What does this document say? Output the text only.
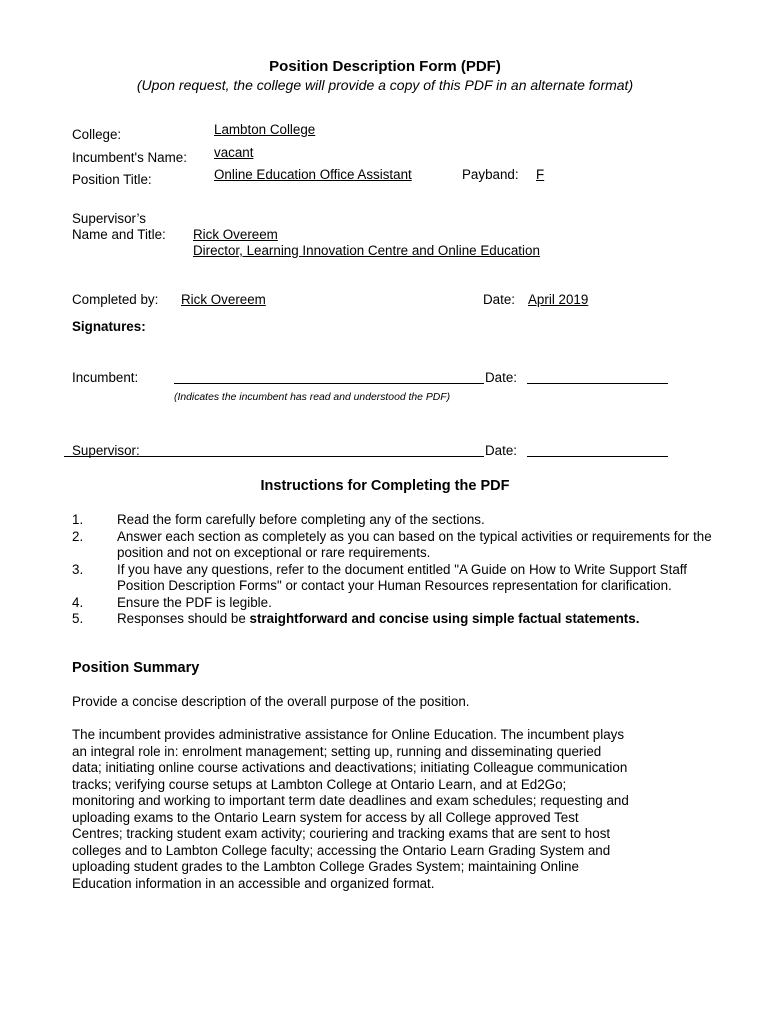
Position Description Form (PDF)
(Upon request, the college will provide a copy of this PDF in an alternate format)
College:	Lambton College
Incumbent's Name: vacant
Position Title:	Online Education Office Assistant	Payband: F
Supervisor’s
Name and Title: Rick Overeem
Director, Learning Innovation Centre and Online Education
Completed by: Rick Overeem	Date: April 2019
Signatures:
Incumbent:	Date:
(Indicates the incumbent has read and understood the PDF)
Supervisor:	Date:
Instructions for Completing the PDF
1.	Read the form carefully before completing any of the sections.
2.	Answer each section as completely as you can based on the typical activities or requirements for the position and not on exceptional or rare requirements.
3.	If you have any questions, refer to the document entitled "A Guide on How to Write Support Staff Position Description Forms" or contact your Human Resources representation for clarification.
4.	Ensure the PDF is legible.
5.	Responses should be straightforward and concise using simple factual statements.
Position Summary
Provide a concise description of the overall purpose of the position.
The incumbent provides administrative assistance for Online Education. The incumbent plays an integral role in: enrolment management; setting up, running and disseminating queried data; initiating online course activations and deactivations; initiating Colleague communication tracks; verifying course setups at Lambton College at Ontario Learn, and at Ed2Go; monitoring and working to important term date deadlines and exam schedules; requesting and uploading exams to the Ontario Learn system for access by all College approved Test Centres; tracking student exam activity; couriering and tracking exams that are sent to host colleges and to Lambton College faculty; accessing the Ontario Learn Grading System and uploading student grades to the Lambton College Grades System; maintaining Online Education information in an accessible and organized format.
